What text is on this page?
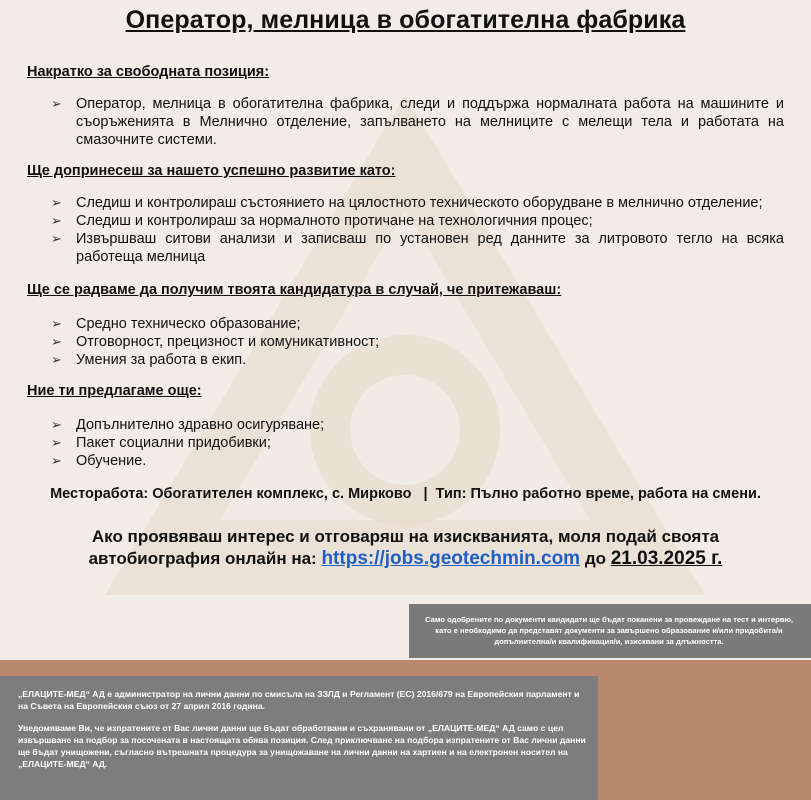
Оператор, мелница в обогатителна фабрика
Накратко за свободната позиция:
➢ Оператор, мелница в обогатителна фабрика, следи и поддържа нормалната работа на машините и съоръженията в Мелнично отделение, запълването на мелниците с мелещи тела и работата на смазочните системи.
Ще допринесеш за нашето успешно развитие като:
➢ Следиш и контролираш състоянието на цялостното техническото оборудване в мелнично отделение;
➢ Следиш и контролираш за нормалното протичане на технологичния процес;
➢ Извършваш ситови анализи и записваш по установен ред данните за литровото тегло на всяка работеща мелница
Ще се радваме да получим твоята кандидатура в случай, че притежаваш:
➢ Средно техническо образование;
➢ Отговорност, прецизност и комуникативност;
➢ Умения за работа в екип.
Ние ти предлагаме още:
➢ Допълнително здравно осигуряване;
➢ Пакет социални придобивки;
➢ Обучение.
Месторабота: Обогатителен комплекс, с. Мирково   |  Тип: Пълно работно време, работа на смени.
Ако проявяваш интерес и отговаряш на изискванията, моля подай своята
автобиография онлайн на: https://jobs.geotechmin.com до 21.03.2025 г.

Само одобрените по документи кандидати ще бъдат поканени за провеждане на тест и интервю, като е необходимо да представят документи за завършено образование и/или придобита/и допълнителна/и квалификация/и, изисквани за длъжността.

„ЕЛАЦИТЕ-МЕД“ АД е администратор на лични данни по смисъла на ЗЗЛД и Регламент (ЕС) 2016/679 на Европейския парламент и на Съвета на Европейския съюз от 27 април 2016 година.

Уведомяваме Ви, че изпратените от Вас лични данни ще бъдат обработвани и съхранявани от „ЕЛАЦИТЕ-МЕД“ АД само с цел извършване на подбор за посочената в настоящата обява позиция. След приключване на подбора изпратените от Вас лични данни ще бъдат унищожени, съгласно вътрешната процедура за унищожаване на лични данни на хартиен и на електронен носител на „ЕЛАЦИТЕ-МЕД“ АД.
